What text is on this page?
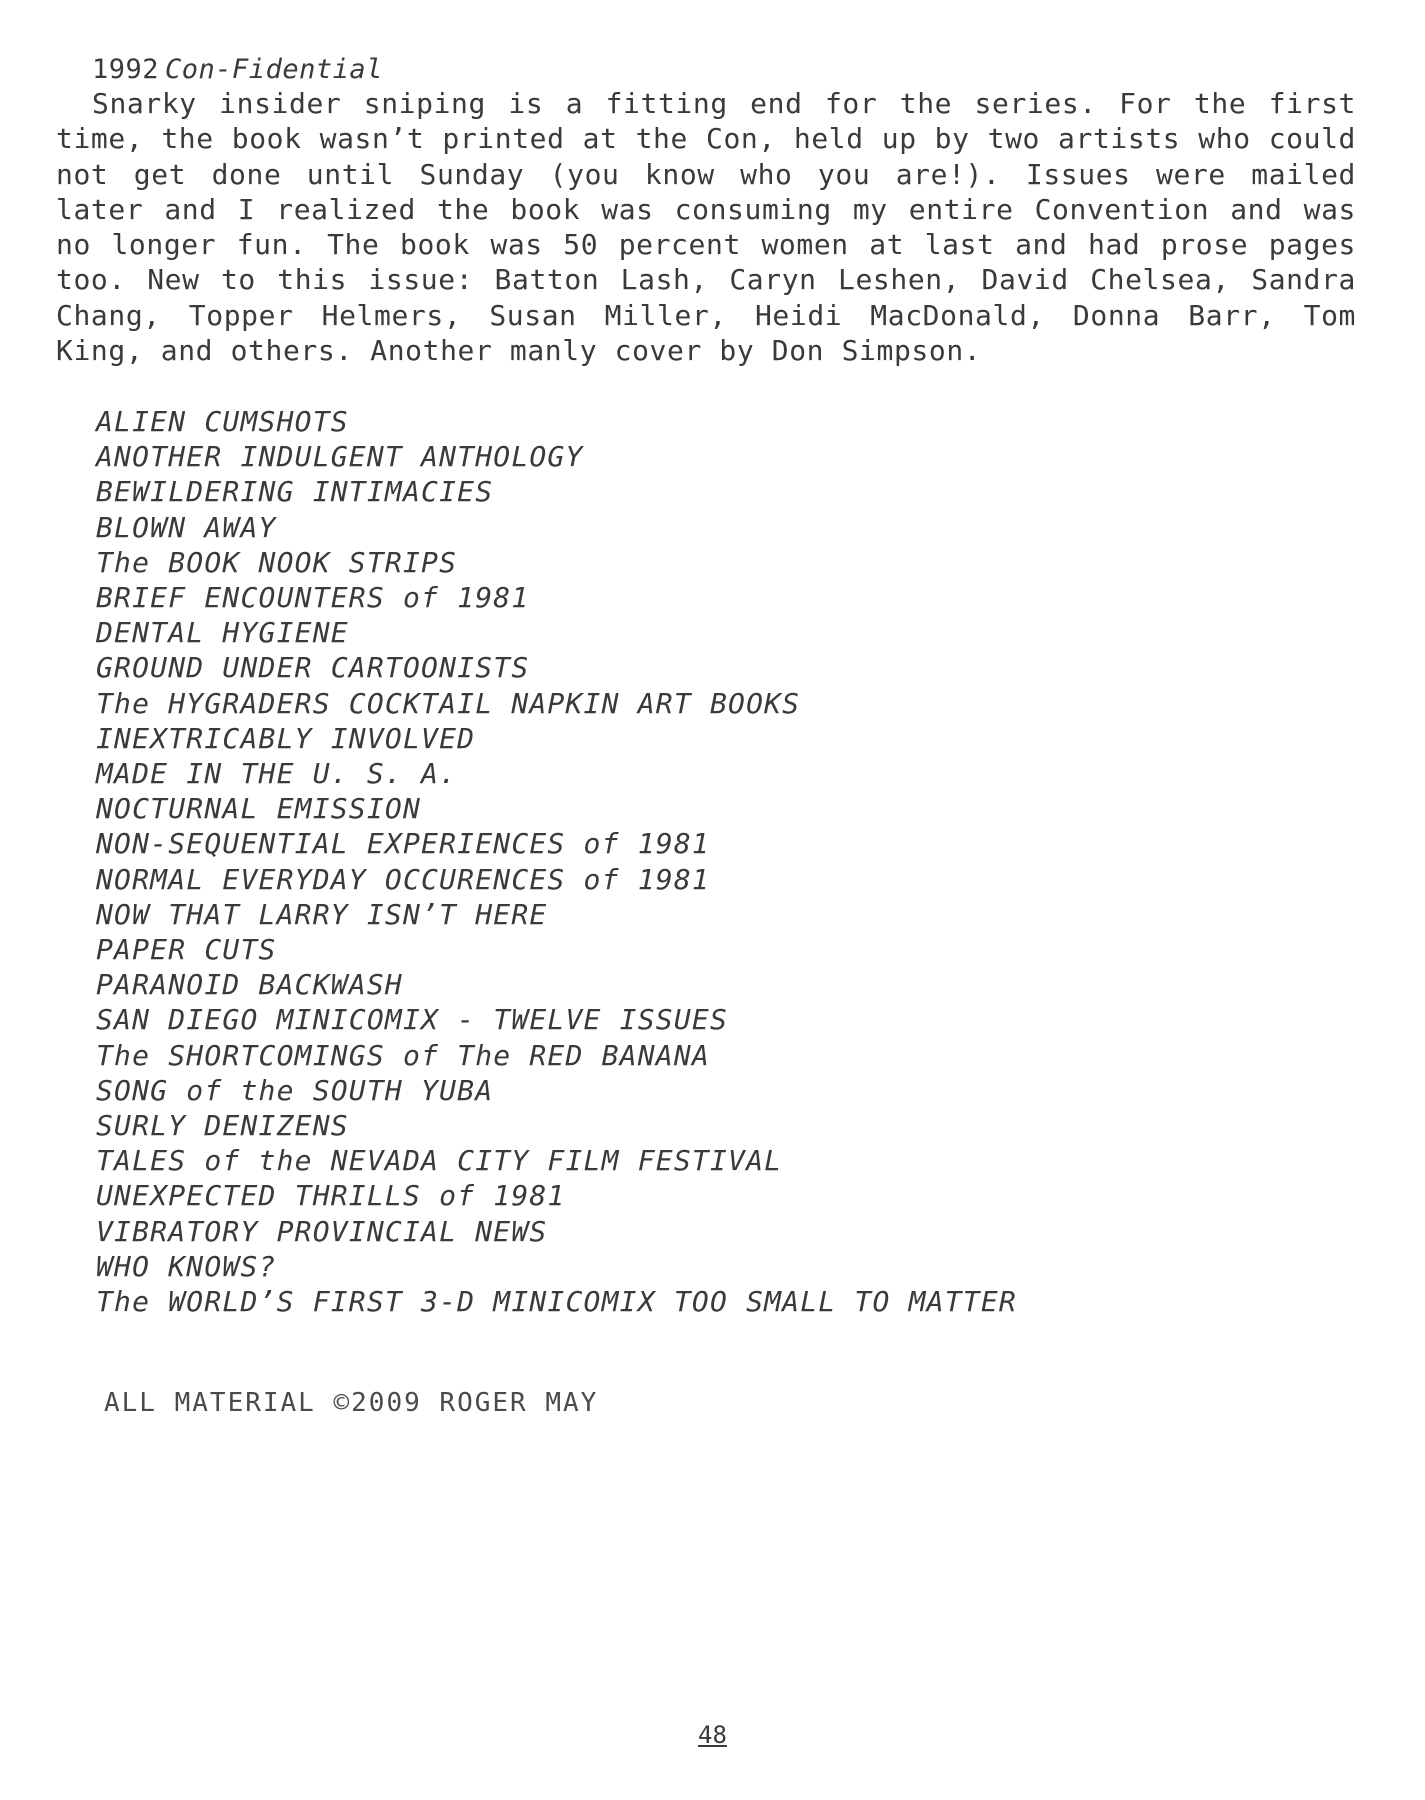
1992 Con-Fidential

Snarky insider sniping is a fitting end for the series. For the first time, the book wasn’t printed at the Con, held up by two artists who could not get done until Sunday (you know who you are!). Issues were mailed later and I realized the book was consuming my entire Convention and was no longer fun. The book was 50 percent women at last and had prose pages too. New to this issue: Batton Lash, Caryn Leshen, David Chelsea, Sandra Chang, Topper Helmers, Susan Miller, Heidi MacDonald, Donna Barr, Tom King, and others. Another manly cover by Don Simpson.

ALIEN CUMSHOTS
ANOTHER INDULGENT ANTHOLOGY
BEWILDERING INTIMACIES
BLOWN AWAY
The BOOK NOOK STRIPS
BRIEF ENCOUNTERS of 1981
DENTAL HYGIENE
GROUND UNDER CARTOONISTS
The HYGRADERS COCKTAIL NAPKIN ART BOOKS
INEXTRICABLY INVOLVED
MADE IN THE U. S. A.
NOCTURNAL EMISSION
NON-SEQUENTIAL EXPERIENCES of 1981
NORMAL EVERYDAY OCCURENCES of 1981
NOW THAT LARRY ISN’T HERE
PAPER CUTS
PARANOID BACKWASH
SAN DIEGO MINICOMIX - TWELVE ISSUES
The SHORTCOMINGS of The RED BANANA
SONG of the SOUTH YUBA
SURLY DENIZENS
TALES of the NEVADA CITY FILM FESTIVAL
UNEXPECTED THRILLS of 1981
VIBRATORY PROVINCIAL NEWS
WHO KNOWS?
The WORLD’S FIRST 3-D MINICOMIX TOO SMALL TO MATTER
ALL MATERIAL ©2009 ROGER MAY
48
